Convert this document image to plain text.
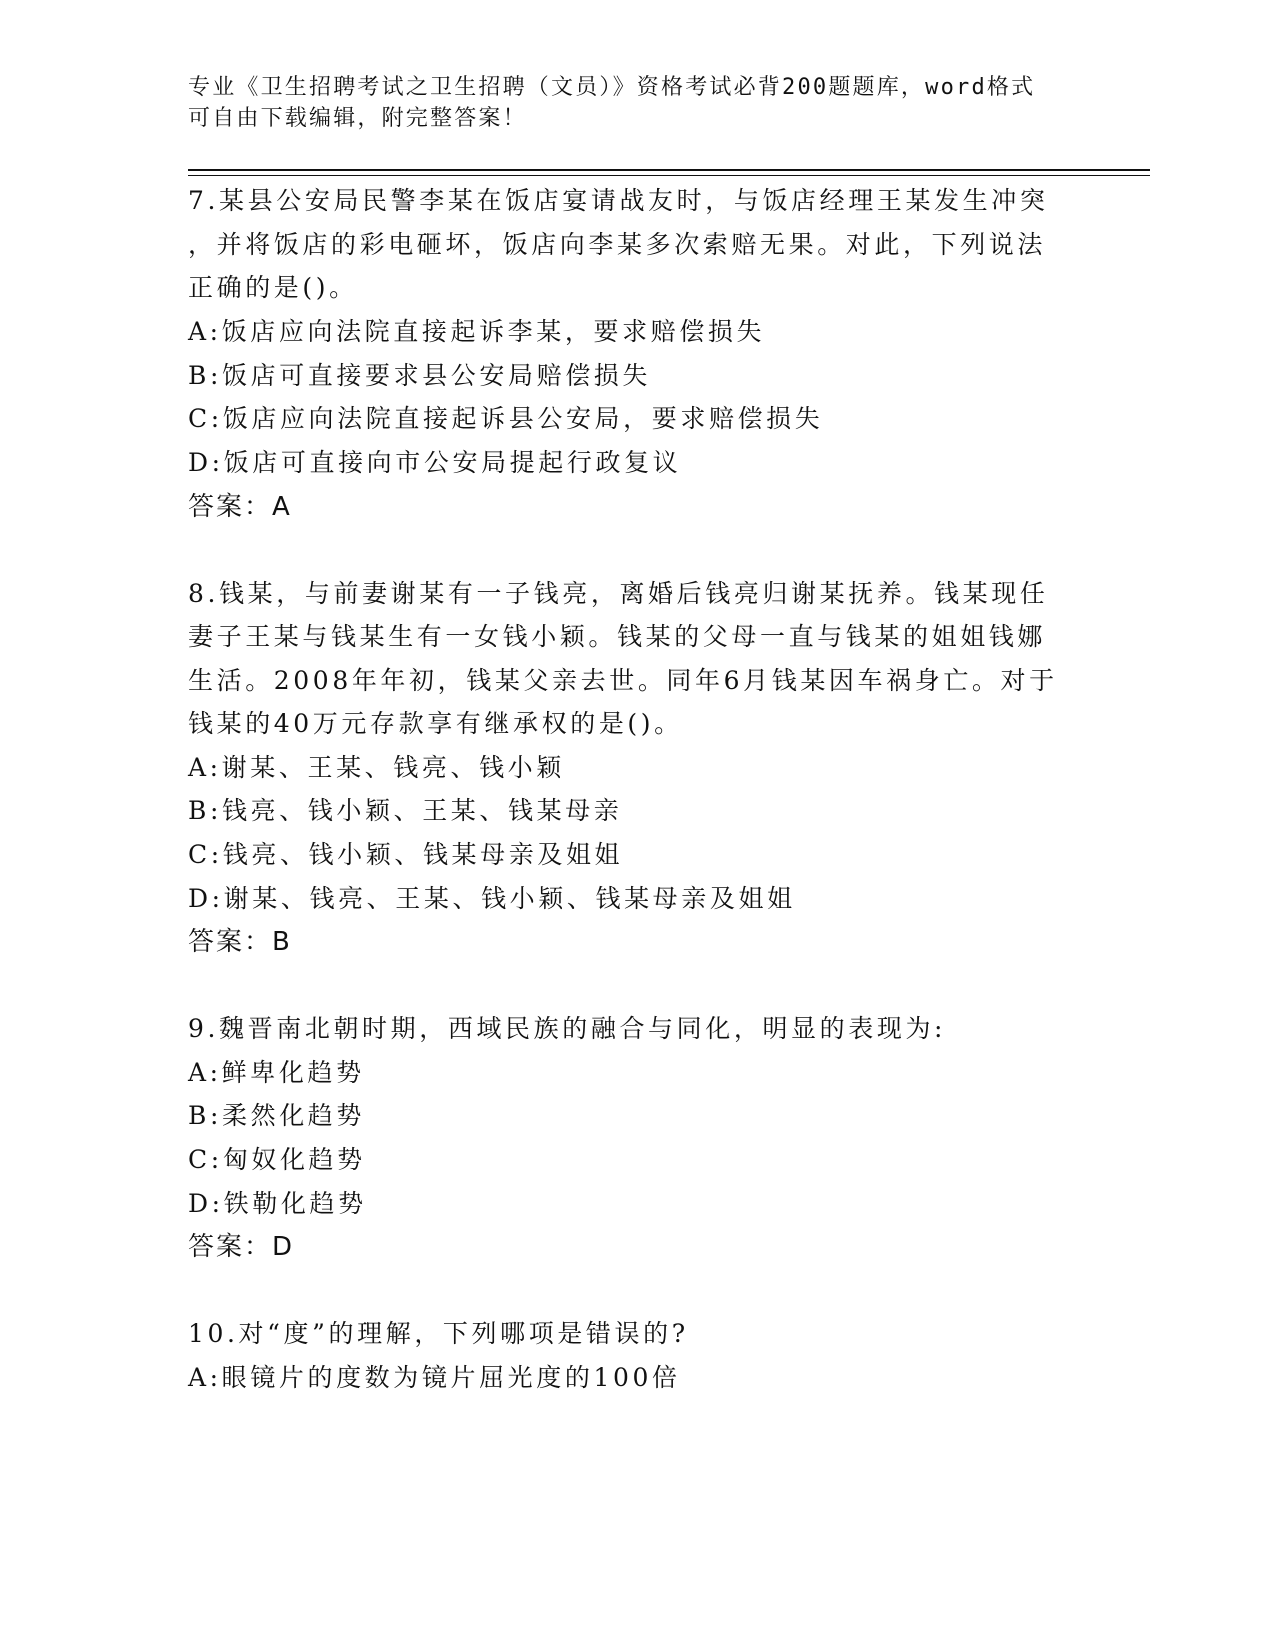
专业《卫生招聘考试之卫生招聘（文员）》资格考试必背200题题库，word格式
可自由下载编辑，附完整答案！
7.某县公安局民警李某在饭店宴请战友时，与饭店经理王某发生冲突
，并将饭店的彩电砸坏，饭店向李某多次索赔无果。对此，下列说法
正确的是()。
A:饭店应向法院直接起诉李某，要求赔偿损失
B:饭店可直接要求县公安局赔偿损失
C:饭店应向法院直接起诉县公安局，要求赔偿损失
D:饭店可直接向市公安局提起行政复议
答案：A
8.钱某，与前妻谢某有一子钱亮，离婚后钱亮归谢某抚养。钱某现任
妻子王某与钱某生有一女钱小颖。钱某的父母一直与钱某的姐姐钱娜
生活。2008年年初，钱某父亲去世。同年6月钱某因车祸身亡。对于
钱某的40万元存款享有继承权的是()。
A:谢某、王某、钱亮、钱小颖
B:钱亮、钱小颖、王某、钱某母亲
C:钱亮、钱小颖、钱某母亲及姐姐
D:谢某、钱亮、王某、钱小颖、钱某母亲及姐姐
答案：B
9.魏晋南北朝时期，西域民族的融合与同化，明显的表现为:
A:鲜卑化趋势
B:柔然化趋势
C:匈奴化趋势
D:铁勒化趋势
答案：D
10.对“度”的理解，下列哪项是错误的?
A:眼镜片的度数为镜片屈光度的100倍
